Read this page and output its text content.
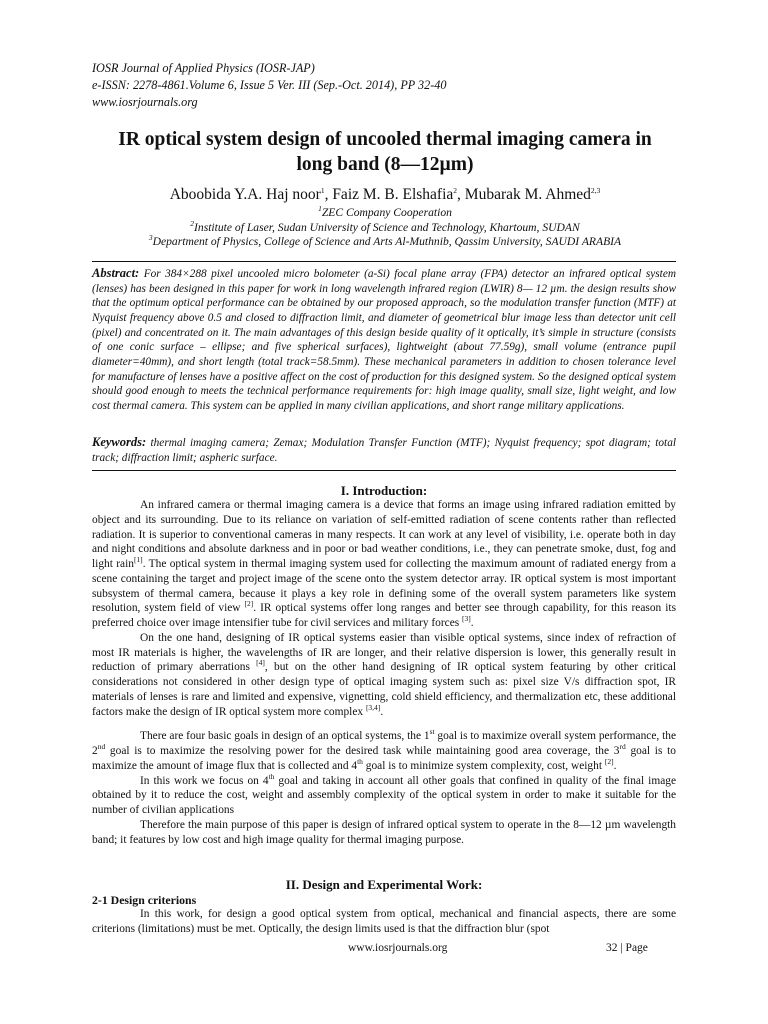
IOSR Journal of Applied Physics (IOSR-JAP)
e-ISSN: 2278-4861.Volume 6, Issue 5 Ver. III (Sep.-Oct. 2014), PP 32-40
www.iosrjournals.org
IR optical system design of uncooled thermal imaging camera in
long band (8—12µm)
Aboobida Y.A. Haj noor$^1$, Faiz M. B. Elshafia$^2$, Mubarak M. Ahmed$^{2,3}$
$^1$ZEC Company Cooperation
$^2$Institute of Laser, Sudan University of Science and Technology, Khartoum, SUDAN
$^3$Department of Physics, College of Science and Arts Al-Muthnib, Qassim University, SAUDI ARABIA
Abstract: For 384×288 pixel uncooled micro bolometer (a-Si) focal plane array (FPA) detector an infrared optical system (lenses) has been designed in this paper for work in long wavelength infrared region (LWIR) 8— 12 µm. the design results show that the optimum optical performance can be obtained by our proposed approach, so the modulation transfer function (MTF) at Nyquist frequency above 0.5 and closed to diffraction limit, and diameter of geometrical blur image less than detector unit cell (pixel) and concentrated on it. The main advantages of this design beside quality of it optically, it’s simple in structure (consists of one conic surface – ellipse; and five spherical surfaces), lightweight (about 77.59g), small volume (entrance pupil diameter=40mm), and short length (total track=58.5mm). These mechanical parameters in addition to chosen tolerance level for manufacture of lenses have a positive affect on the cost of production for this designed system. So the designed optical system should good enough to meets the technical performance requirements for: high image quality, small size, light weight, and low cost thermal camera. This system can be applied in many civilian applications, and short range military applications.
Keywords: thermal imaging camera; Zemax; Modulation Transfer Function (MTF); Nyquist frequency; spot diagram; total track; diffraction limit; aspheric surface.
I. Introduction:

An infrared camera or thermal imaging camera is a device that forms an image using infrared radiation emitted by object and its surrounding. Due to its reliance on variation of self-emitted radiation of scene contents rather than reflected radiation. It is superior to conventional cameras in many respects. It can work at any level of visibility, i.e. operate both in day and night conditions and absolute darkness and in poor or bad weather conditions, i.e., they can penetrate smoke, dust, fog and light rain[1]. The optical system in thermal imaging system used for collecting the maximum amount of radiated energy from a scene containing the target and project image of the scene onto the system detector array. IR optical system is most important subsystem of thermal camera, because it plays a key role in defining some of the overall system parameters like system resolution, system field of view [2]. IR optical systems offer long ranges and better see through capability, for this reason its preferred choice over image intensifier tube for civil services and military forces [3].

On the one hand, designing of IR optical systems easier than visible optical systems, since index of refraction of most IR materials is higher, the wavelengths of IR are longer, and their relative dispersion is lower, this generally result in reduction of primary aberrations [4], but on the other hand designing of IR optical system featuring by other critical considerations not considered in other design type of optical imaging system such as: pixel size V/s diffraction spot, IR materials of lenses is rare and limited and expensive, vignetting, cold shield efficiency, and thermalization etc, these additional factors make the design of IR optical system more complex [3,4].

There are four basic goals in design of an optical systems, the 1st goal is to maximize overall system performance, the 2nd goal is to maximize the resolving power for the desired task while maintaining good area coverage, the 3rd goal is to maximize the amount of image flux that is collected and 4th goal is to minimize system complexity, cost, weight [2].

In this work we focus on 4th goal and taking in account all other goals that confined in quality of the final image obtained by it to reduce the cost, weight and assembly complexity of the optical system in order to make it suitable for the number of civilian applications

Therefore the main purpose of this paper is design of infrared optical system to operate in the 8—12 µm wavelength band; it features by low cost and high image quality for thermal imaging purpose.

II. Design and Experimental Work:
2-1 Design criterions

In this work, for design a good optical system from optical, mechanical and financial aspects, there are some criterions (limitations) must be met. Optically, the design limits used is that the diffraction blur (spot

www.iosrjournals.org	32 | Page
